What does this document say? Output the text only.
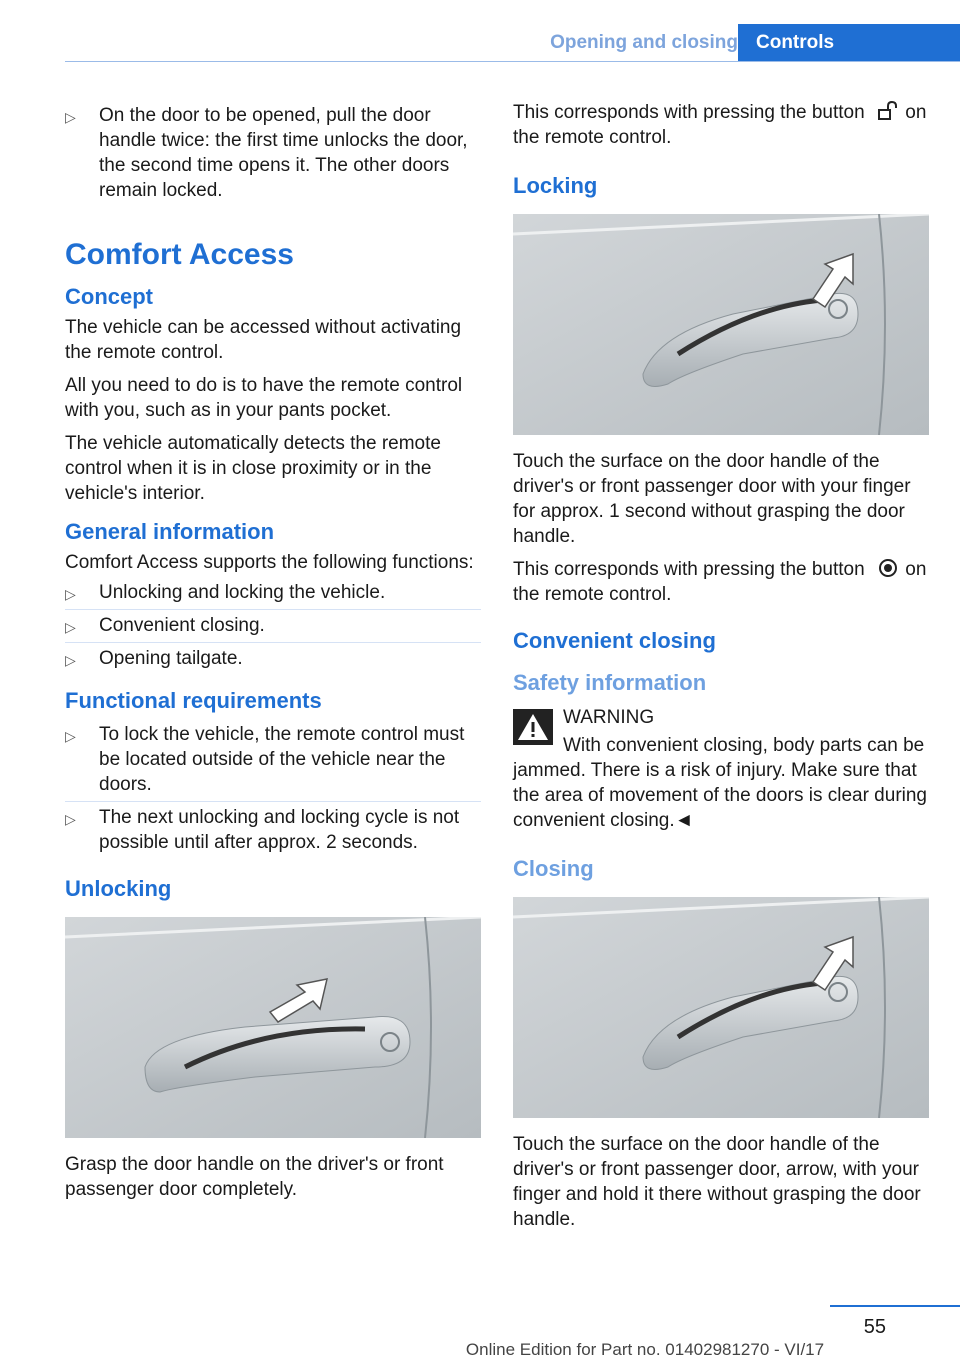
Opening and closing Controls
▷ On the door to be opened, pull the door handle twice: the first time unlocks the door, the second time opens it. The other doors remain locked.
Comfort Access
Concept

The vehicle can be accessed without activating the remote control.

All you need to do is to have the remote control with you, such as in your pants pocket.

The vehicle automatically detects the remote control when it is in close proximity or in the vehicle's interior.

General information

Comfort Access supports the following functions:

▷ Unlocking and locking the vehicle.
▷ Convenient closing.
▷ Opening tailgate.
Functional requirements
▷ To lock the vehicle, the remote control must be located outside of the vehicle near the doors.
▷ The next unlocking and locking cycle is not possible until after approx. 2 seconds.
Unlocking

Grasp the door handle on the driver's or front passenger door completely.

This corresponds with pressing the button on the remote control.

Locking

Touch the surface on the door handle of the driver's or front passenger door with your finger for approx. 1 second without grasping the door handle.

This corresponds with pressing the button on the remote control.

Convenient closing
Safety information
WARNING

With convenient closing, body parts can be jammed. There is a risk of injury. Make sure that the area of movement of the doors is clear during convenient closing.◄

Closing

Touch the surface on the door handle of the driver's or front passenger door, arrow, with your finger and hold it there without grasping the door handle.

55
Online Edition for Part no. 01402981270 - VI/17
